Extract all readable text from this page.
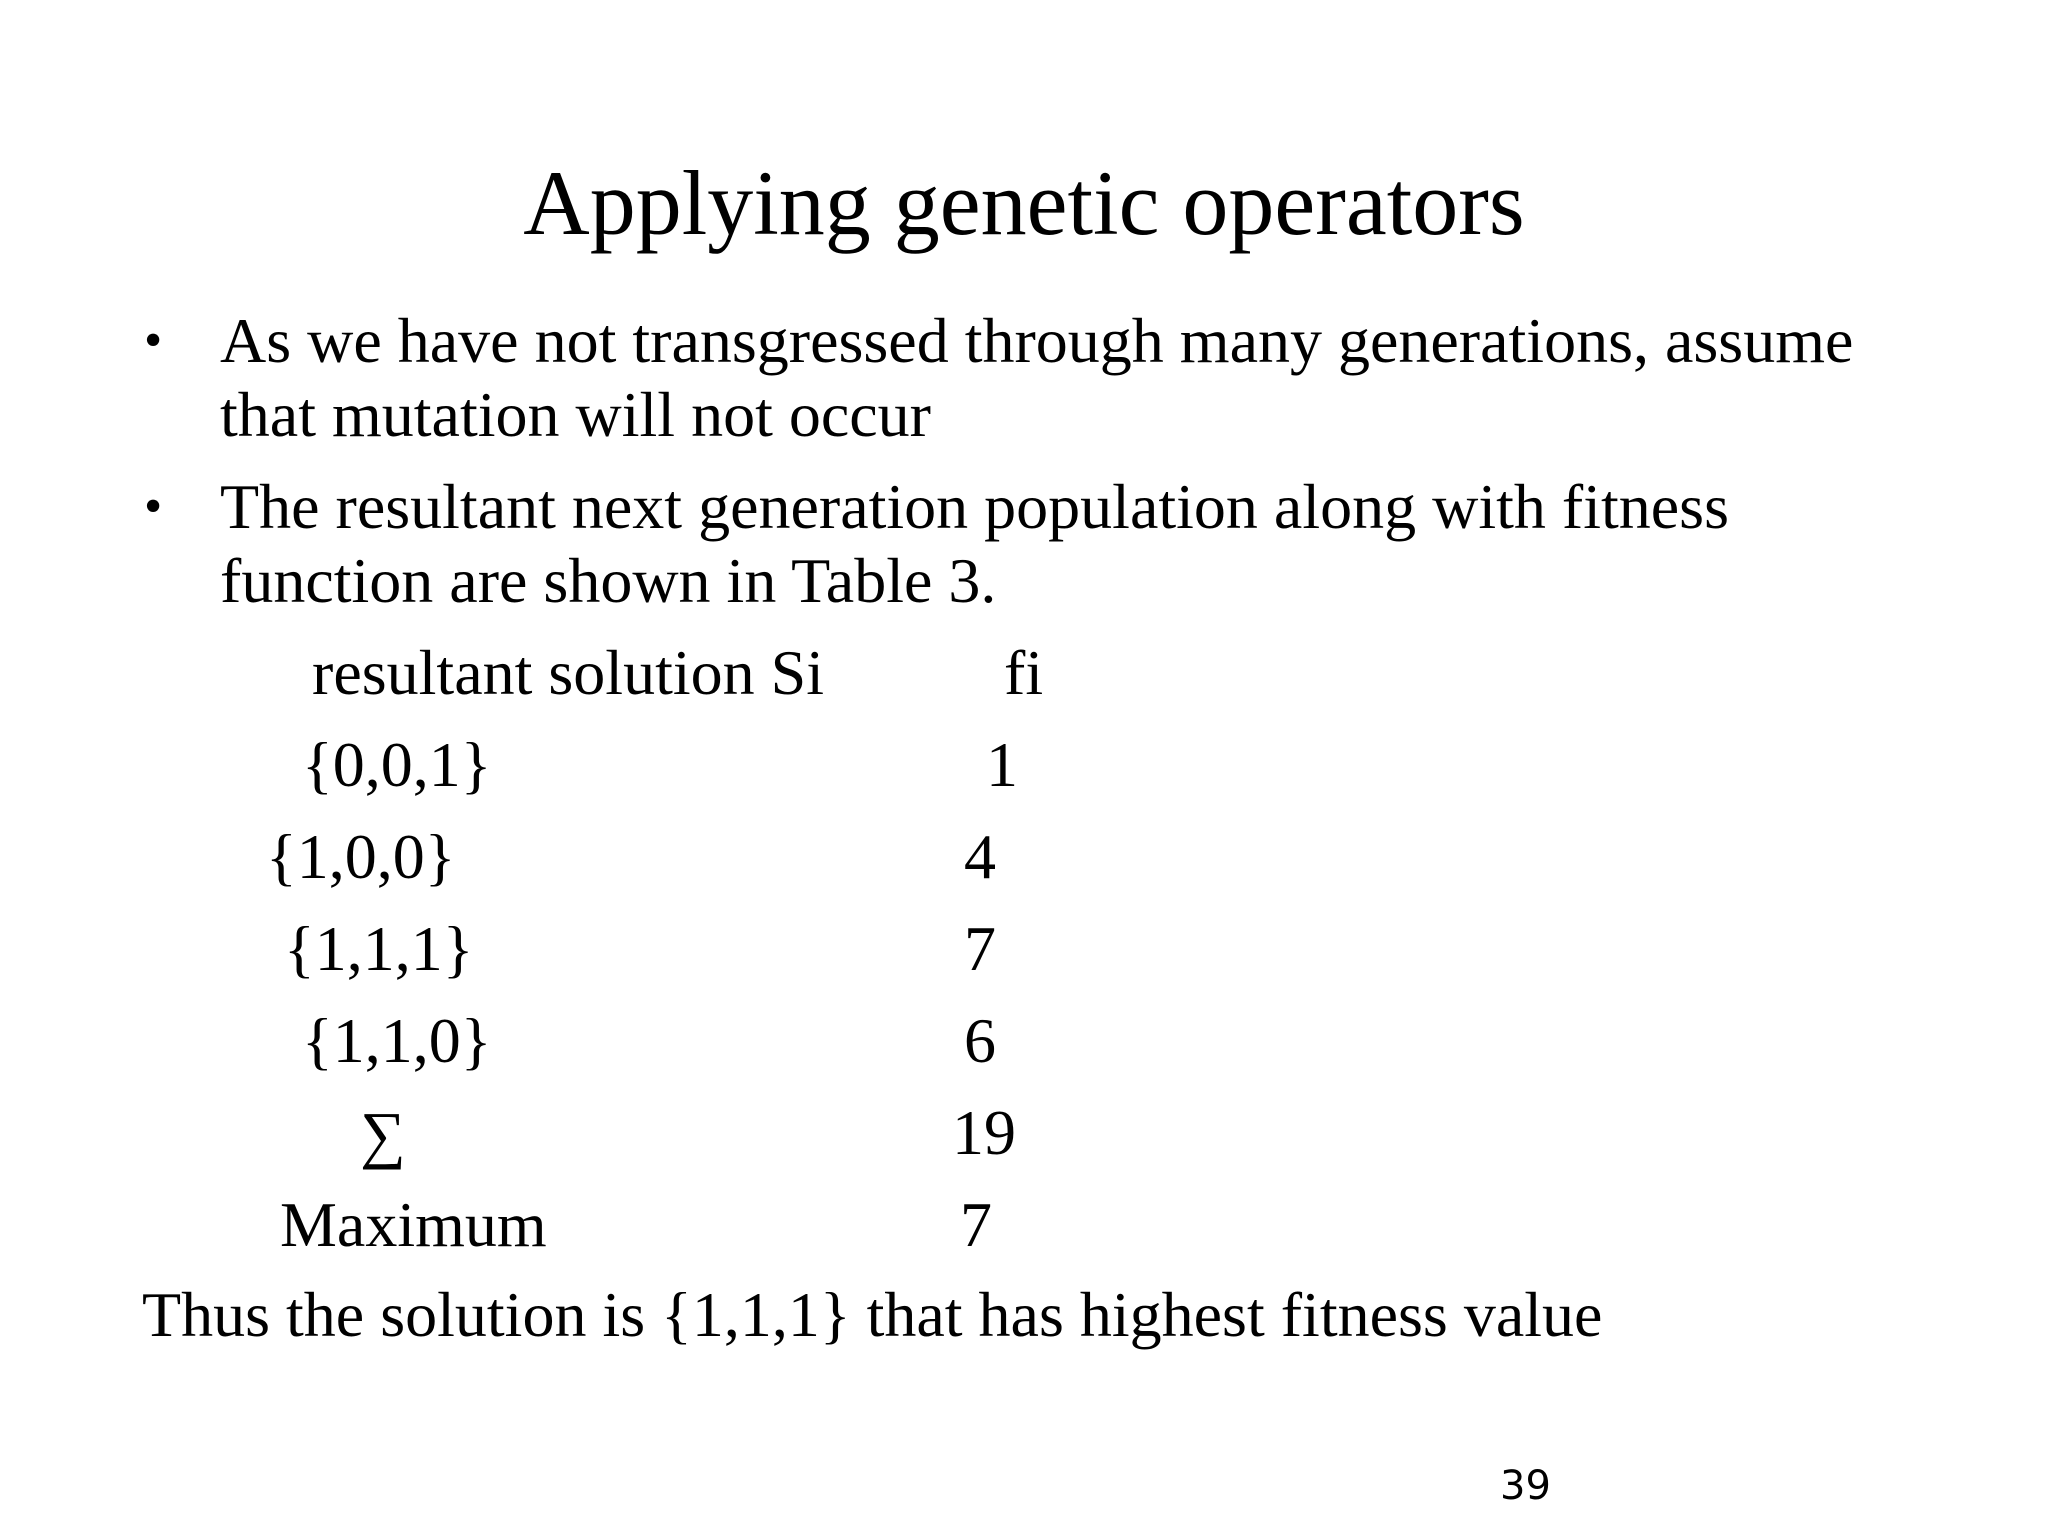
Applying genetic operators
• As we have not transgressed through many generations, assume that mutation will not occur
• The resultant next generation population along with fitness function are shown in Table 3.
resultant solution Si	fi
{0,0,1}	1
{1,0,0}	4
{1,1,1}	7
{1,1,0}	6
∑	19
Maximum	7
Thus the solution is {1,1,1} that has highest fitness value
39
